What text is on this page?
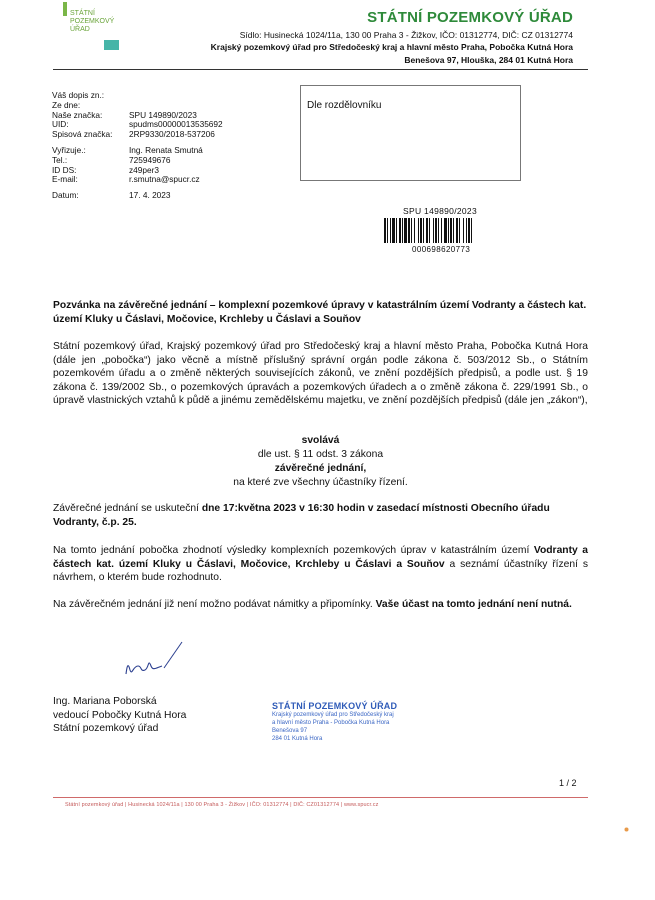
STÁTNÍ
POZEMKOVÝ
ÚŘAD
STÁTNÍ POZEMKOVÝ ÚŘAD
Sídlo: Husinecká 1024/11a, 130 00 Praha 3 - Žižkov, IČO: 01312774, DIČ: CZ 01312774
Krajský pozemkový úřad pro Středočeský kraj a hlavní město Praha, Pobočka Kutná Hora
Benešova 97, Hlouška, 284 01 Kutná Hora
Váš dopis zn.:
Ze dne:
Naše značka:	SPU 149890/2023
UID:	spudms00000013535692
Spisová značka:	2RP9330/2018-537206
Vyřizuje.:	Ing. Renata Smutná
Tel.:	725949676
ID DS:	z49per3
E-mail:	r.smutna@spucr.cz
Datum:	17. 4. 2023
Dle rozdělovníku
SPU 149890/2023
000698620773
Pozvánka na závěrečné jednání – komplexní pozemkové úpravy v katastrálním území Vodranty a částech kat. území Kluky u Čáslavi, Močovice, Krchleby u Čáslavi a Souňov
Státní pozemkový úřad, Krajský pozemkový úřad pro Středočeský kraj a hlavní město Praha, Pobočka Kutná Hora (dále jen „pobočka“) jako věcně a místně příslušný správní orgán podle zákona č. 503/2012 Sb., o Státním pozemkovém úřadu a o změně některých souvisejících zákonů, ve znění pozdějších předpisů, a podle ust. § 19 zákona č. 139/2002 Sb., o pozemkových úpravách a pozemkových úřadech a o změně zákona č. 229/1991 Sb., o úpravě vlastnických vztahů k půdě a jinému zemědělskému majetku, ve znění pozdějších předpisů (dále jen „zákon“),
svolává
dle ust. § 11 odst. 3 zákona
závěrečné jednání,
na které zve všechny účastníky řízení.
Závěrečné jednání se uskuteční dne 17:května 2023 v 16:30 hodin v zasedací místnosti Obecního úřadu Vodranty, č.p. 25.
Na tomto jednání pobočka zhodnotí výsledky komplexních pozemkových úprav v katastrálním území Vodranty a částech kat. území Kluky u Čáslavi, Močovice, Krchleby u Čáslavi a Souňov a seznámí účastníky řízení s návrhem, o kterém bude rozhodnuto.
Na závěrečném jednání již není možno podávat námitky a připomínky. Vaše účast na tomto jednání není nutná.
Ing. Mariana Poborská
vedoucí Pobočky Kutná Hora
Státní pozemkový úřad
STÁTNÍ POZEMKOVÝ ÚŘAD
Krajský pozemkový úřad pro Středočeský kraj
a hlavní město Praha - Pobočka Kutná Hora
Benešova 97
284 01 Kutná Hora
1 / 2
Státní pozemkový úřad | Husinecká 1024/11a | 130 00 Praha 3 - Žižkov | IČO: 01312774 | DIČ: CZ01312774 | www.spucr.cz
